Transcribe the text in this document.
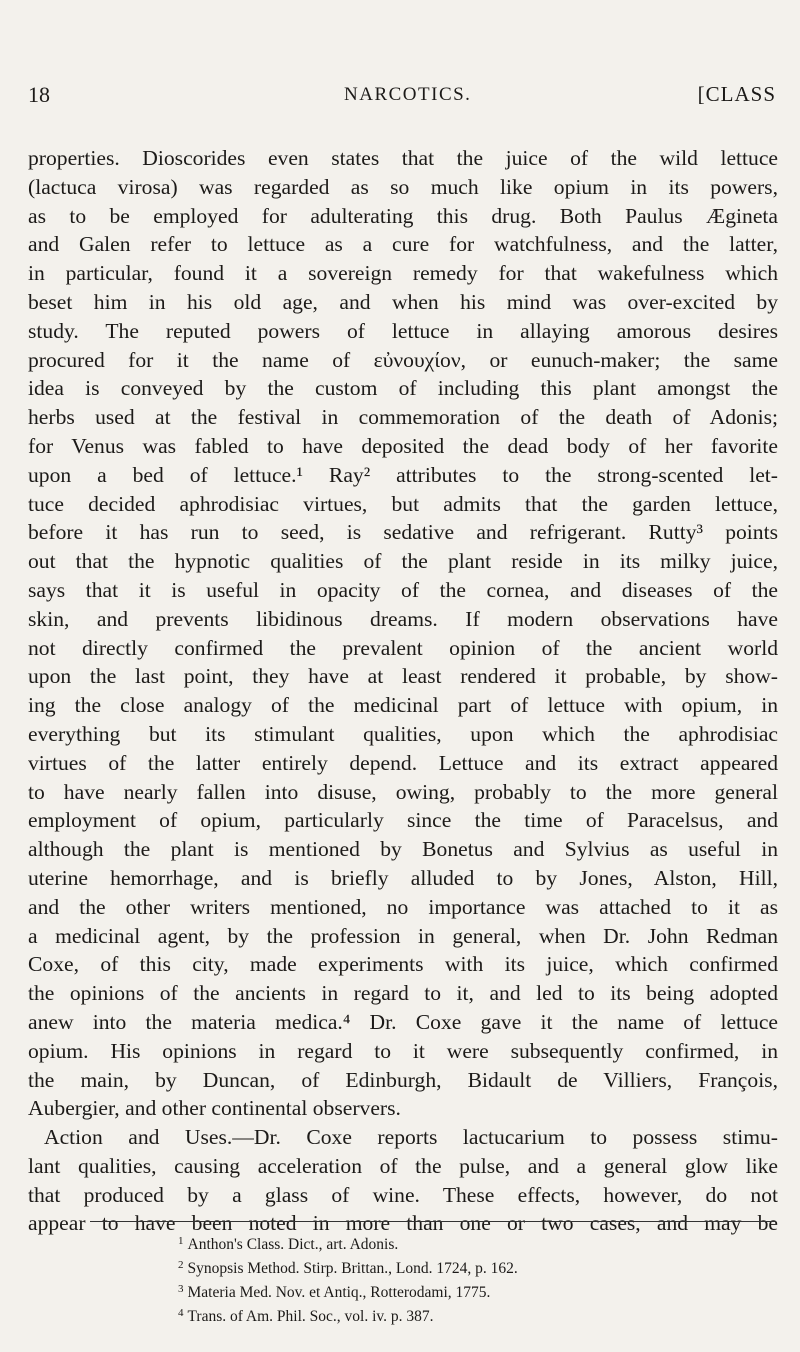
18	NARCOTICS.	[CLASS
properties. Dioscorides even states that the juice of the wild lettuce
(lactuca virosa) was regarded as so much like opium in its powers,
as to be employed for adulterating this drug. Both Paulus Ægineta
and Galen refer to lettuce as a cure for watchfulness, and the latter,
in particular, found it a sovereign remedy for that wakefulness which
beset him in his old age, and when his mind was over-excited by
study. The reputed powers of lettuce in allaying amorous desires
procured for it the name of εὐνουχίον, or eunuch-maker; the same
idea is conveyed by the custom of including this plant amongst the
herbs used at the festival in commemoration of the death of Adonis;
for Venus was fabled to have deposited the dead body of her favorite
upon a bed of lettuce.¹ Ray² attributes to the strong-scented let-
tuce decided aphrodisiac virtues, but admits that the garden lettuce,
before it has run to seed, is sedative and refrigerant. Rutty³ points
out that the hypnotic qualities of the plant reside in its milky juice,
says that it is useful in opacity of the cornea, and diseases of the
skin, and prevents libidinous dreams. If modern observations have
not directly confirmed the prevalent opinion of the ancient world
upon the last point, they have at least rendered it probable, by show-
ing the close analogy of the medicinal part of lettuce with opium, in
everything but its stimulant qualities, upon which the aphrodisiac
virtues of the latter entirely depend. Lettuce and its extract appeared
to have nearly fallen into disuse, owing, probably to the more general
employment of opium, particularly since the time of Paracelsus, and
although the plant is mentioned by Bonetus and Sylvius as useful in
uterine hemorrhage, and is briefly alluded to by Jones, Alston, Hill,
and the other writers mentioned, no importance was attached to it as
a medicinal agent, by the profession in general, when Dr. John Redman
Coxe, of this city, made experiments with its juice, which confirmed
the opinions of the ancients in regard to it, and led to its being adopted
anew into the materia medica.⁴ Dr. Coxe gave it the name of lettuce
opium. His opinions in regard to it were subsequently confirmed, in
the main, by Duncan, of Edinburgh, Bidault de Villiers, François,
Aubergier, and other continental observers.
Action and Uses.—Dr. Coxe reports lactucarium to possess stimu-
lant qualities, causing acceleration of the pulse, and a general glow like
that produced by a glass of wine. These effects, however, do not
appear to have been noted in more than one or two cases, and may be
$^1$ Anthon's Class. Dict., art. Adonis.
$^2$ Synopsis Method. Stirp. Brittan., Lond. 1724, p. 162.
$^3$ Materia Med. Nov. et Antiq., Rotterodami, 1775.
$^4$ Trans. of Am. Phil. Soc., vol. iv. p. 387.
